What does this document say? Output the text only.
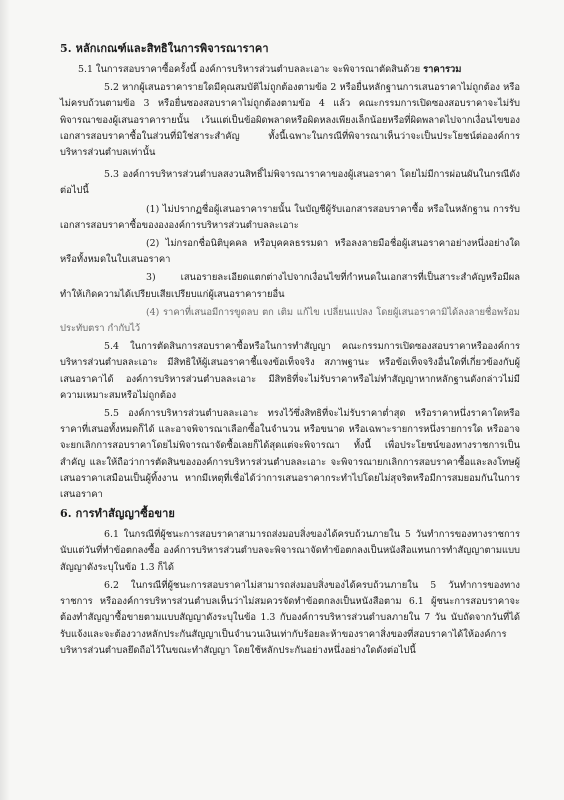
5. หลักเกณฑ์และสิทธิในการพิจารณาราคา

5.1 ในการสอบราคาซื้อครั้งนี้ องค์การบริหารส่วนตำบลละเอาะ จะพิจารณาตัดสินด้วย ราคารวม

5.2 หากผู้เสนอราคารายใดมีคุณสมบัติไม่ถูกต้องตามข้อ 2 หรือยื่นหลักฐานการเสนอราคาไม่ถูกต้อง หรือไม่ครบถ้วนตามข้อ 3 หรือยื่นซองสอบราคาไม่ถูกต้องตามข้อ 4 แล้ว คณะกรรมการเปิดซองสอบราคาจะไม่รับพิจารณาของผู้เสนอราคารายนั้น เว้นแต่เป็นข้อผิดพลาดหรือผิดหลงเพียงเล็กน้อยหรือที่ผิดพลาดไปจากเงื่อนไขของเอกสารสอบราคาซื้อในส่วนที่มิใช่สาระสำคัญ ทั้งนี้เฉพาะในกรณีที่พิจารณาเห็นว่าจะเป็นประโยชน์ต่อองค์การบริหารส่วนตำบลเท่านั้น

5.3 องค์การบริหารส่วนตำบลสงวนสิทธิ์ไม่พิจารณาราคาของผู้เสนอราคา โดยไม่มีการผ่อนผันในกรณีดังต่อไปนี้

(1) ไม่ปรากฏชื่อผู้เสนอราคารายนั้น ในบัญชีผู้รับเอกสารสอบราคาซื้อ หรือในหลักฐาน การรับเอกสารสอบราคาซื้อของององค์การบริหารส่วนตำบลละเอาะ

(2) ไม่กรอกชื่อนิติบุคคล หรือบุคคลธรรมดา หรือลงลายมือชื่อผู้เสนอราคาอย่างหนึ่งอย่างใดหรือทั้งหมดในใบเสนอราคา

3) เสนอรายละเอียดแตกต่างไปจากเงื่อนไขที่กำหนดในเอกสารที่เป็นสาระสำคัญหรือมีผลทำให้เกิดความได้เปรียบเสียเปรียบแก่ผู้เสนอราคารายอื่น

(4) ราคาที่เสนอมีการขูดลบ ตก เติม แก้ไข เปลี่ยนแปลง โดยผู้เสนอราคามิได้ลงลายชื่อพร้อมประทับตรา กำกับไว้

5.4 ในการตัดสินการสอบราคาซื้อหรือในการทำสัญญา คณะกรรมการเปิดซองสอบราคาหรือองค์การบริหารส่วนตำบลละเอาะ มีสิทธิให้ผู้เสนอราคาชี้แจงข้อเท็จจริง สภาพฐานะ หรือข้อเท็จจริงอื่นใดที่เกี่ยวข้องกับผู้เสนอราคาได้ องค์การบริหารส่วนตำบลละเอาะ มีสิทธิที่จะไม่รับราคาหรือไม่ทำสัญญาหากหลักฐานดังกล่าวไม่มีความเหมาะสมหรือไม่ถูกต้อง

5.5 องค์การบริหารส่วนตำบลละเอาะ ทรงไว้ซึ่งสิทธิที่จะไม่รับราคาต่ำสุด หรือราคาหนึ่งราคาใดหรือราคาที่เสนอทั้งหมดก็ได้ และอาจพิจารณาเลือกซื้อในจำนวน หรือขนาด หรือเฉพาะรายการหนึ่งรายการใด หรืออาจจะยกเลิกการสอบราคาโดยไม่พิจารณาจัดซื้อเลยก็ได้สุดแต่จะพิจารณา ทั้งนี้ เพื่อประโยชน์ของทางราชการเป็นสำคัญ และให้ถือว่าการตัดสินขององค์การบริหารส่วนตำบลละเอาะ จะพิจารณายกเลิกการสอบราคาซื้อและลงโทษผู้เสนอราคาเสมือนเป็นผู้ทิ้งงาน หากมีเหตุที่เชื่อได้ว่าการเสนอราคากระทำไปโดยไม่สุจริตหรือมีการสมยอมกันในการเสนอราคา

6. การทำสัญญาซื้อขาย

6.1 ในกรณีที่ผู้ชนะการสอบราคาสามารถส่งมอบสิ่งของได้ครบถ้วนภายใน 5 วันทำการของทางราชการ นับแต่วันที่ทำข้อตกลงซื้อ องค์การบริหารส่วนตำบลจะพิจารณาจัดทำข้อตกลงเป็นหนังสือแทนการทำสัญญาตามแบบสัญญาดังระบุในข้อ 1.3 ก็ได้

6.2 ในกรณีที่ผู้ชนะการสอบราคาไม่สามารถส่งมอบสิ่งของได้ครบถ้วนภายใน 5 วันทำการของทางราชการ หรือองค์การบริหารส่วนตำบลเห็นว่าไม่สมควรจัดทำข้อตกลงเป็นหนังสือตาม 6.1 ผู้ชนะการสอบราคาจะต้องทำสัญญาซื้อขายตามแบบสัญญาดังระบุในข้อ 1.3 กับองค์การบริหารส่วนตำบลภายใน 7 วัน นับถัดจากวันที่ได้รับแจ้งและจะต้องวางหลักประกันสัญญาเป็นจำนวนเงินเท่ากับร้อยละห้าของราคาสิ่งของที่สอบราคาได้ให้องค์การบริหารส่วนตำบลยึดถือไว้ในขณะทำสัญญา โดยใช้หลักประกันอย่างหนึ่งอย่างใดดังต่อไปนี้
